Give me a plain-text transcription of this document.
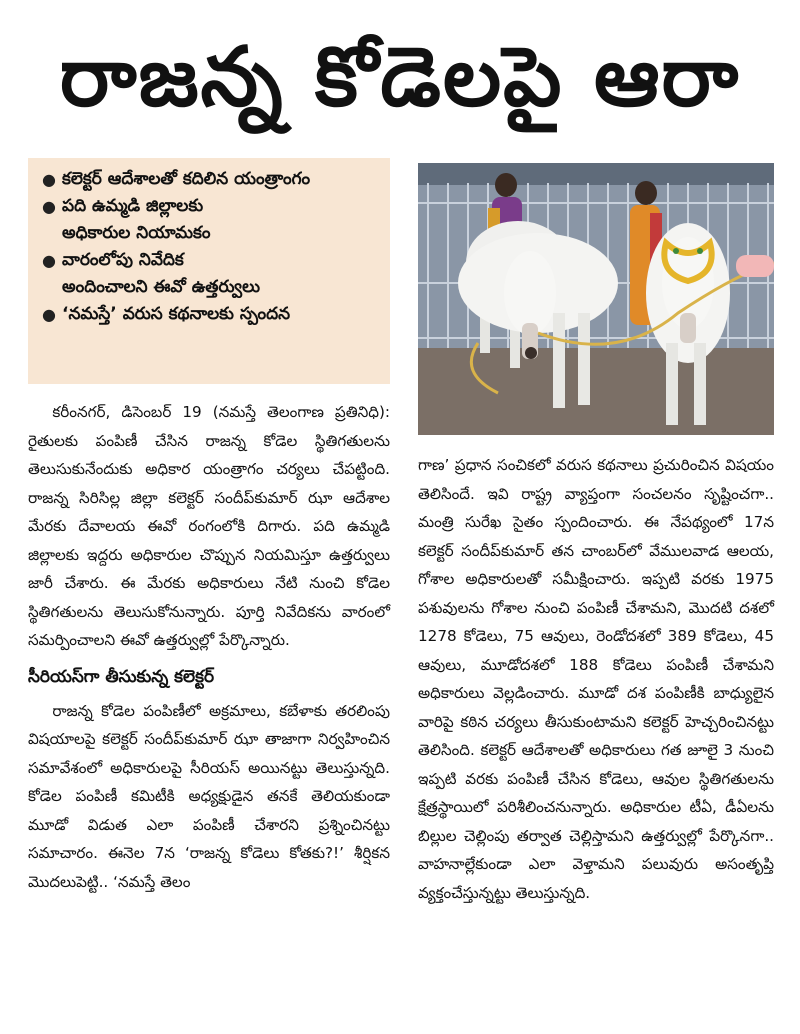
రాజన్న కోడెలపై ఆరా
● కలెక్టర్‌ ఆదేశాలతో కదిలిన యంత్రాంగం
● పది ఉమ్మడి జిల్లాలకు
అధికారుల నియామకం
● వారంలోపు నివేదిక
అందించాలని ఈవో ఉత్తర్వులు
● ‘నమస్తే’ వరుస కథనాలకు స్పందన

కరీంనగర్‌, డిసెంబర్‌ 19 (నమస్తే తెలంగాణ ప్రతినిధి): రైతులకు పంపిణీ చేసిన రాజన్న కోడెల స్థితిగతులను తెలుసుకునేందుకు అధికార యంత్రాగం చర్యలు చేపట్టింది. రాజన్న సిరిసిల్ల జిల్లా కలెక్టర్‌ సందీప్‌కుమార్‌ ఝా ఆదేశాల మేరకు దేవాలయ ఈవో రంగంలోకి దిగారు. పది ఉమ్మడి జిల్లాలకు ఇద్దరు అధికారుల చొప్పున నియమిస్తూ ఉత్తర్వులు జారీ చేశారు. ఈ మేరకు అధికారులు నేటి నుంచి కోడెల స్థితిగతులను తెలుసుకోనున్నారు. పూర్తి నివేదికను వారంలో సమర్పించాలని ఈవో ఉత్తర్వుల్లో పేర్కొన్నారు.

సీరియస్‌గా తీసుకున్న కలెక్టర్‌

రాజన్న కోడెల పంపిణీలో అక్రమాలు, కబేళాకు తరలింపు విషయాలపై కలెక్టర్‌ సందీప్‌కుమార్‌ ఝా తాజాగా నిర్వహించిన సమావేశంలో అధికారులపై సీరియస్‌ అయినట్టు తెలుస్తున్నది. కోడెల పంపిణీ కమిటీకి అధ్యక్షుడైన తనకే తెలియకుండా మూడో విడుత ఎలా పంపిణీ చేశారని ప్రశ్నించినట్టు సమాచారం. ఈనెల 7న ‘రాజన్న కోడెలు కోతకు?!’ శీర్షికన మొదలుపెట్టి.. ‘నమస్తే తెలం

గాణ’ ప్రధాన సంచికలో వరుస కథనాలు ప్రచురించిన విషయం తెలిసిందే. ఇవి రాష్ట్ర వ్యాప్తంగా సంచలనం సృష్టించగా.. మంత్రి సురేఖ సైతం స్పందించారు. ఈ నేపథ్యంలో 17న కలెక్టర్‌ సందీప్‌కుమార్‌ తన చాంబర్‌లో వేములవాడ ఆలయ, గోశాల అధికారులతో సమీక్షించారు. ఇప్పటి వరకు 1975 పశువులను గోశాల నుంచి పంపిణీ చేశామని, మొదటి దశలో 1278 కోడెలు, 75 ఆవులు, రెండోదశలో 389 కోడెలు, 45 ఆవులు, మూడోదశలో 188 కోడెలు పంపిణీ చేశామని అధికారులు వెల్లడించారు. మూడో దశ పంపిణీకి బాధ్యులైన వారిపై కఠిన చర్యలు తీసుకుంటామని కలెక్టర్‌ హెచ్చరించినట్టు తెలిసింది. కలెక్టర్‌ ఆదేశాలతో అధికారులు గత జూలై 3 నుంచి ఇప్పటి వరకు పంపిణీ చేసిన కోడెలు, ఆవుల స్థితిగతులను క్షేత్రస్థాయిలో పరిశీలించనున్నారు. అధికారుల టీఏ, డీఏలను బిల్లుల చెల్లింపు తర్వాత చెల్లిస్తామని ఉత్తర్వుల్లో పేర్కొనగా.. వాహనాల్లేకుండా ఎలా వెళ్తామని పలువురు అసంతృప్తి వ్యక్తంచేస్తున్నట్టు తెలుస్తున్నది.
